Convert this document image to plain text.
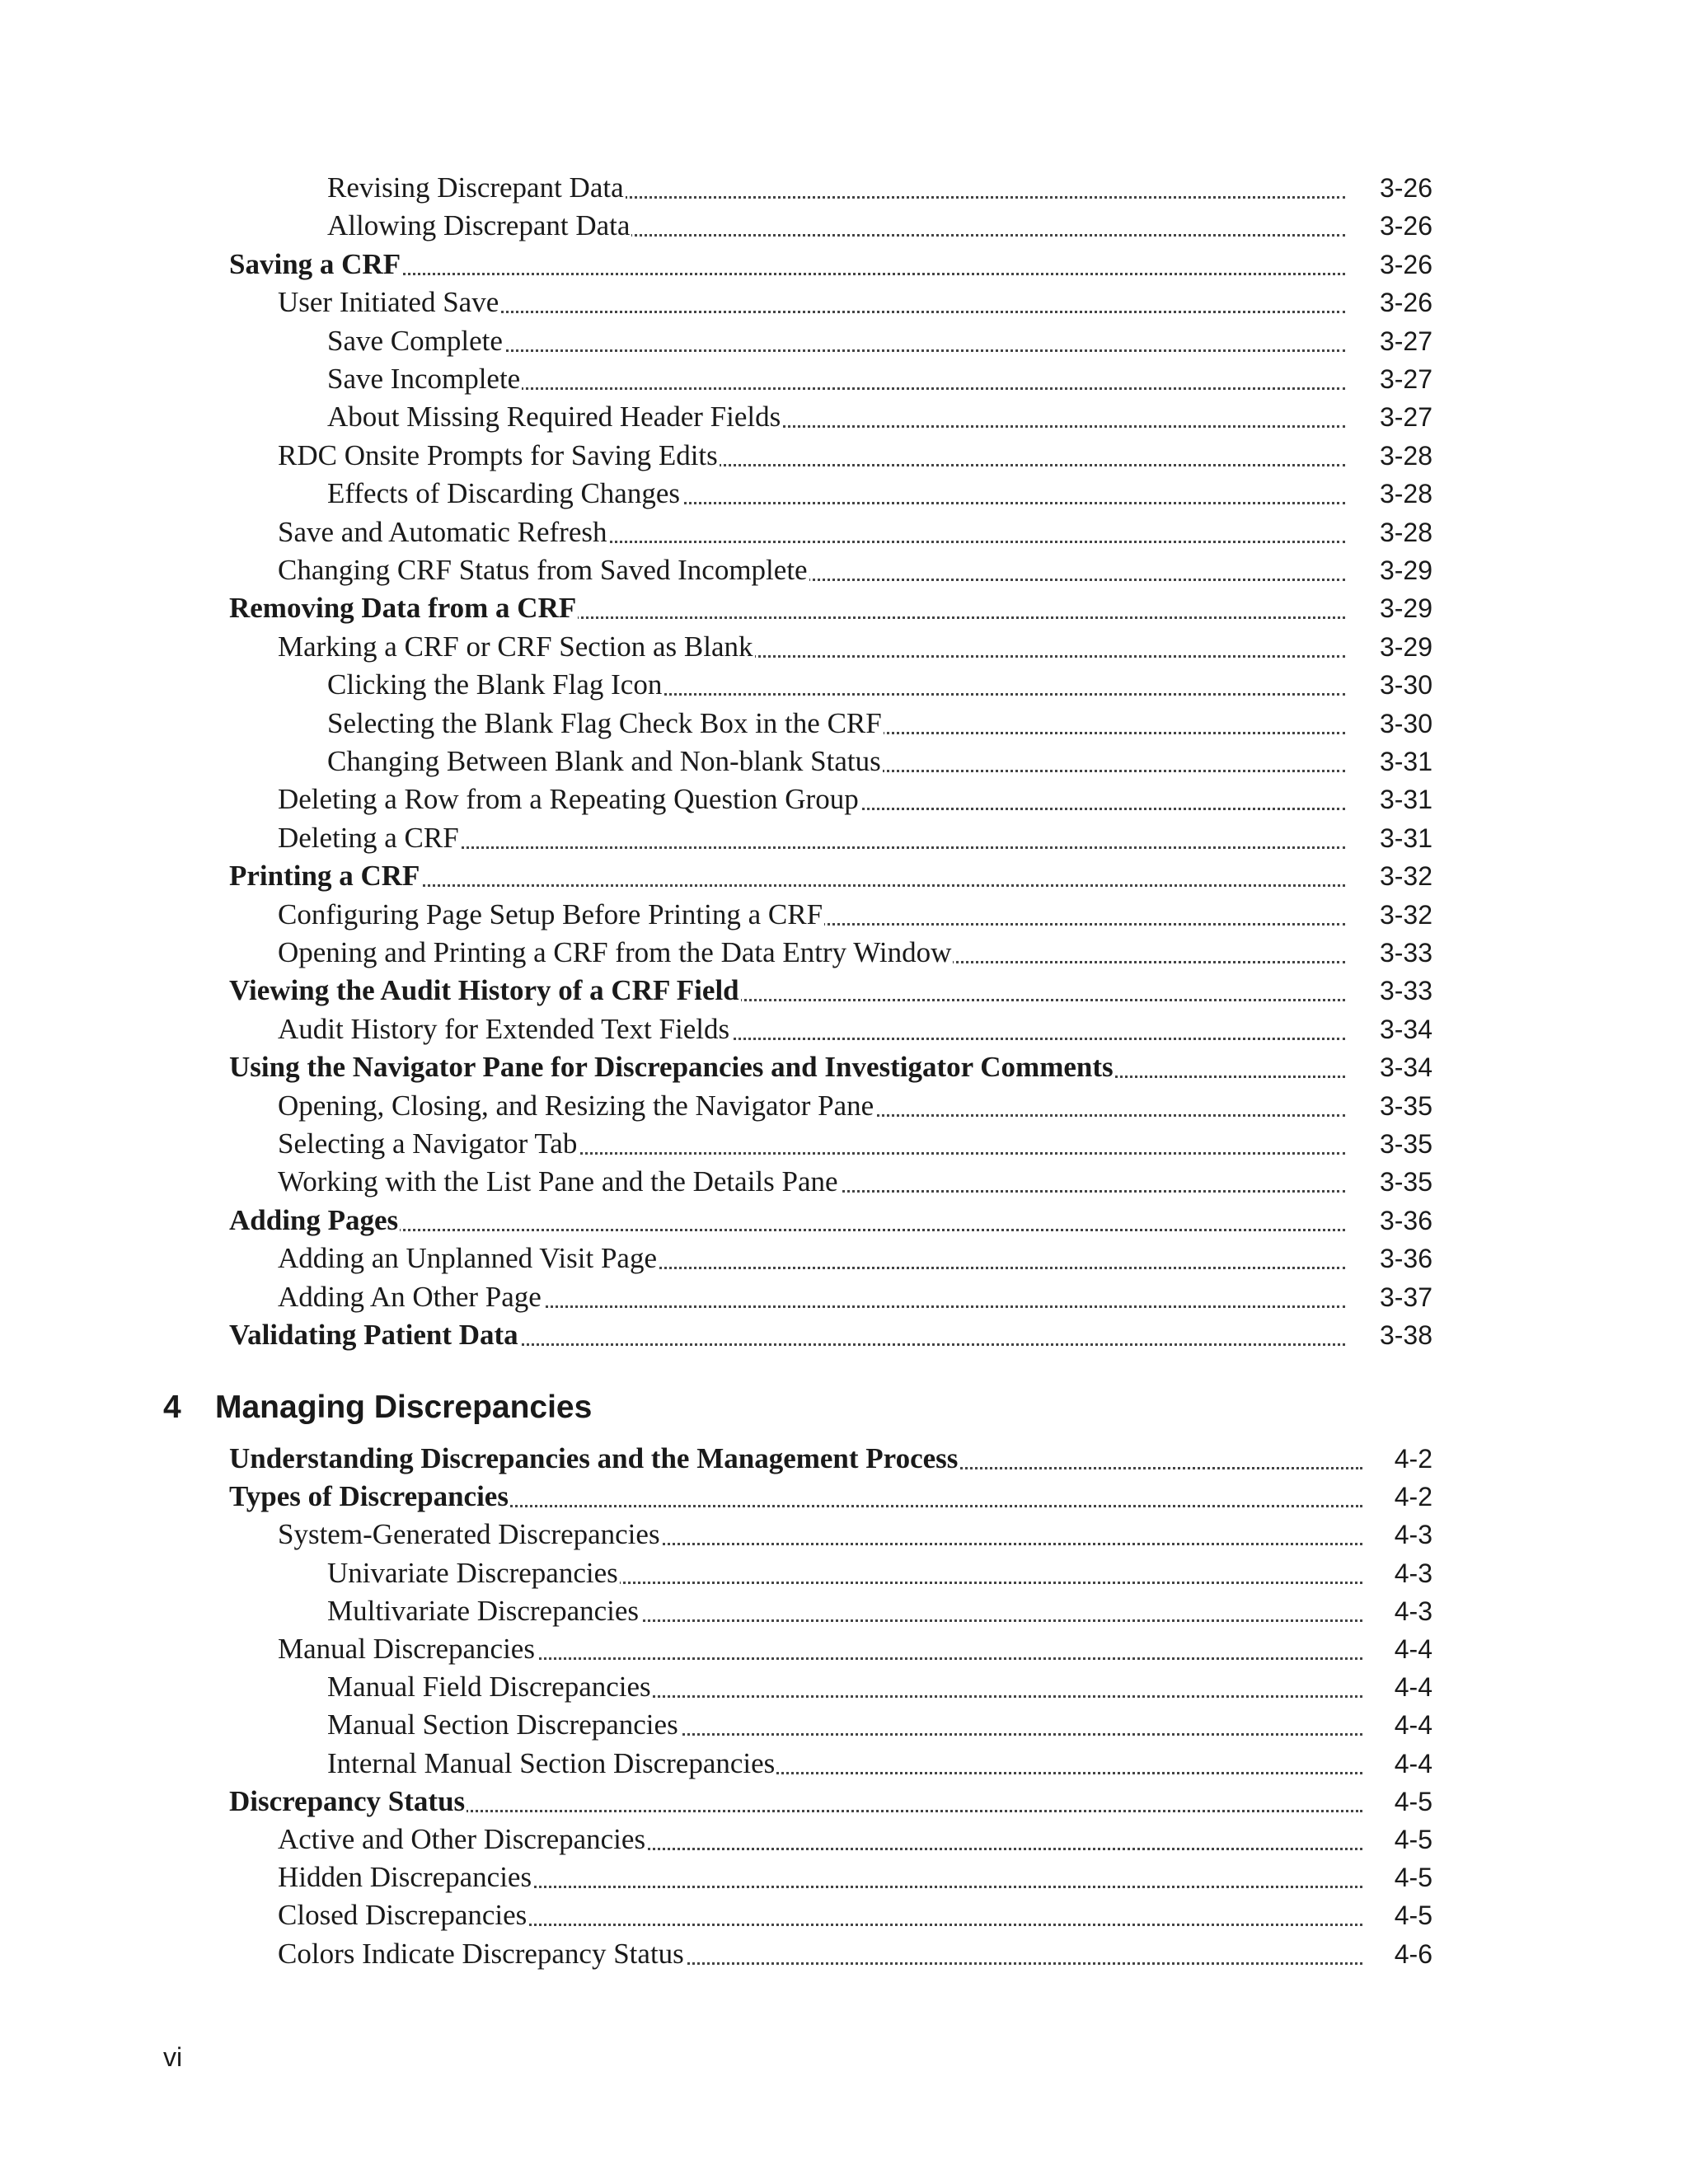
Revising Discrepant Data	3-26
Allowing Discrepant Data	3-26
Saving a CRF	3-26
User Initiated Save	3-26
Save Complete	3-27
Save Incomplete	3-27
About Missing Required Header Fields	3-27
RDC Onsite Prompts for Saving Edits	3-28
Effects of Discarding Changes	3-28
Save and Automatic Refresh	3-28
Changing CRF Status from Saved Incomplete	3-29
Removing Data from a CRF	3-29
Marking a CRF or CRF Section as Blank	3-29
Clicking the Blank Flag Icon	3-30
Selecting the Blank Flag Check Box in the CRF	3-30
Changing Between Blank and Non-blank Status	3-31
Deleting a Row from a Repeating Question Group	3-31
Deleting a CRF	3-31
Printing a CRF	3-32
Configuring Page Setup Before Printing a CRF	3-32
Opening and Printing a CRF from the Data Entry Window	3-33
Viewing the Audit History of a CRF Field	3-33
Audit History for Extended Text Fields	3-34
Using the Navigator Pane for Discrepancies and Investigator Comments	3-34
Opening, Closing, and Resizing the Navigator Pane	3-35
Selecting a Navigator Tab	3-35
Working with the List Pane and the Details Pane	3-35
Adding Pages	3-36
Adding an Unplanned Visit Page	3-36
Adding An Other Page	3-37
Validating Patient Data	3-38
4 Managing Discrepancies
Understanding Discrepancies and the Management Process	4-2
Types of Discrepancies	4-2
System-Generated Discrepancies	4-3
Univariate Discrepancies	4-3
Multivariate Discrepancies	4-3
Manual Discrepancies	4-4
Manual Field Discrepancies	4-4
Manual Section Discrepancies	4-4
Internal Manual Section Discrepancies	4-4
Discrepancy Status	4-5
Active and Other Discrepancies	4-5
Hidden Discrepancies	4-5
Closed Discrepancies	4-5
Colors Indicate Discrepancy Status	4-6
vi
